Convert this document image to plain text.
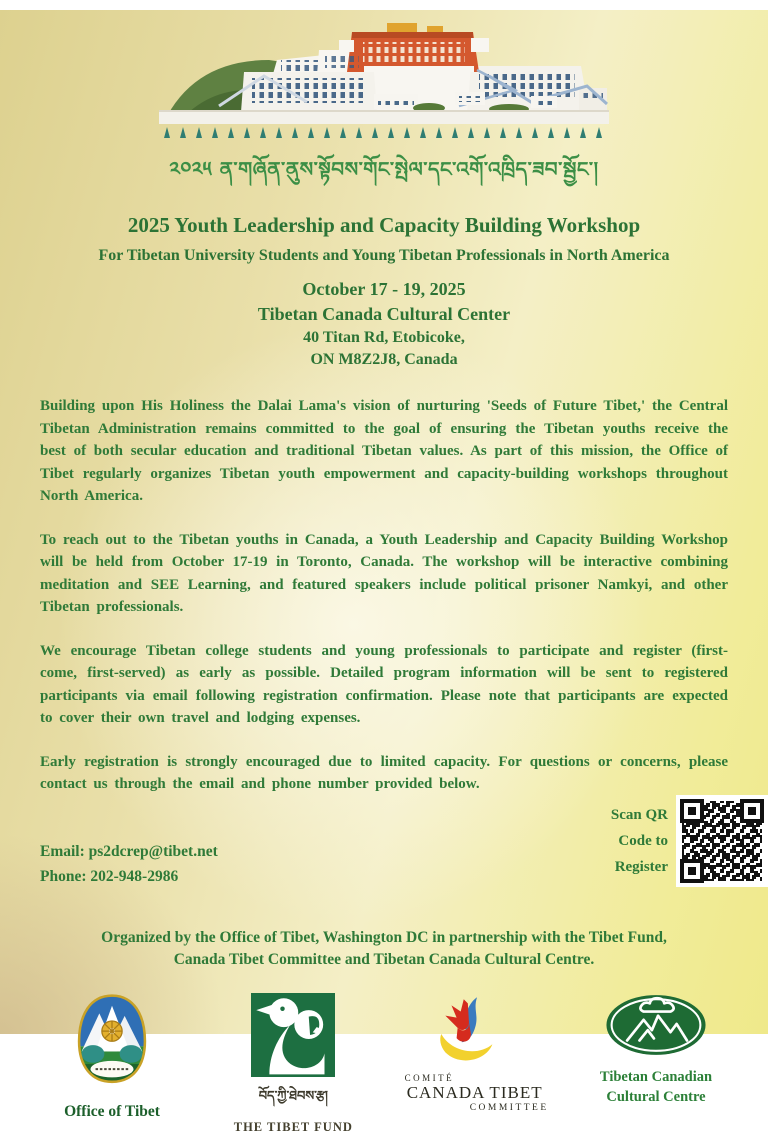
༢༠༢༥ ན་གཞོན་ནུས་སྟོབས་གོང་སྤེལ་དང་འགོ་འཁྲིད་ཟབ་སྦྱོང་།
2025 Youth Leadership and Capacity Building Workshop
For Tibetan University Students and Young Tibetan Professionals in North America
October 17 - 19, 2025
Tibetan Canada Cultural Center
40 Titan Rd, Etobicoke,
ON M8Z2J8, Canada

Building upon His Holiness the Dalai Lama's vision of nurturing 'Seeds of Future Tibet,' the Central Tibetan Administration remains committed to the goal of ensuring the Tibetan youths receive the best of both secular education and traditional Tibetan values. As part of this mission, the Office of Tibet regularly organizes Tibetan youth empowerment and capacity-building workshops throughout North America.

To reach out to the Tibetan youths in Canada, a Youth Leadership and Capacity Building Workshop will be held from October 17-19 in Toronto, Canada. The workshop will be interactive combining meditation and SEE Learning, and featured speakers include political prisoner Namkyi, and other Tibetan professionals.

We encourage Tibetan college students and young professionals to participate and register (first-come, first-served) as early as possible. Detailed program information will be sent to registered participants via email following registration confirmation. Please note that participants are expected to cover their own travel and lodging expenses.

Early registration is strongly encouraged due to limited capacity. For questions or concerns, please contact us through the email and phone number provided below.

Email: ps2dcrep@tibet.net
Phone: 202-948-2986
Scan QR
Code to
Register
Organized by the Office of Tibet, Washington DC in partnership with the Tibet Fund,
Canada Tibet Committee and Tibetan Canada Cultural Centre.
Office of Tibet
བོད་ཀྱི་ཐེབས་རྩ།
THE TIBET FUND
COMITÉ
CANADA TIBET
COMMITTEE
Tibetan Canadian
Cultural Centre
